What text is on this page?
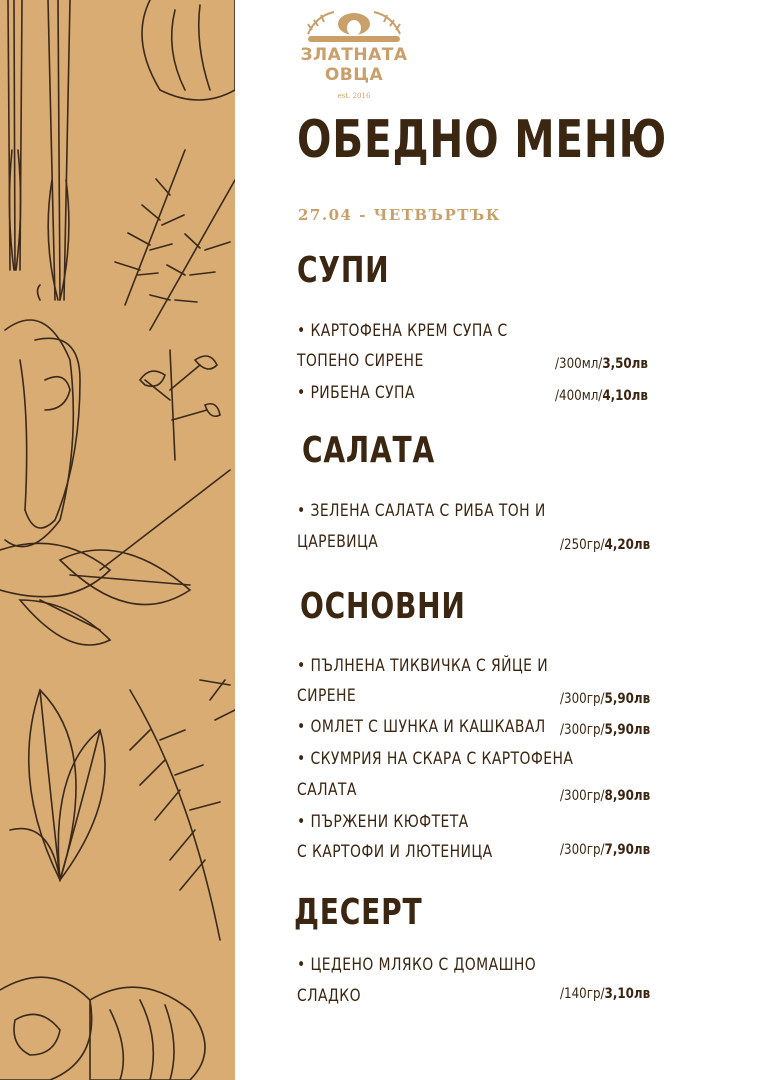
ЗЛАТНАТА
ОВЦА
est. 2016
ОБЕДНО МЕНЮ
27.04 - ЧЕТВЪРТЪК
СУПИ
• КАРТОФЕНА КРЕМ СУПА С
ТОПЕНО СИРЕНЕ	/300мл/3,50лв
• РИБЕНА СУПА	/400мл/4,10лв
САЛАТА
• ЗЕЛЕНА САЛАТА С РИБА ТОН И
ЦАРЕВИЦА	/250гр/4,20лв
ОСНОВНИ
• ПЪЛНЕНА ТИКВИЧКА С ЯЙЦЕ И
СИРЕНЕ	/300гр/5,90лв
• ОМЛЕТ С ШУНКА И КАШКАВАЛ /300гр/5,90лв
• СКУМРИЯ НА СКАРА С КАРТОФЕНА
САЛАТА	/300гр/8,90лв
• ПЪРЖЕНИ КЮФТЕТА
С КАРТОФИ И ЛЮТЕНИЦА	/300гр/7,90лв
ДЕСЕРТ
• ЦЕДЕНО МЛЯКО С ДОМАШНО
СЛАДКО	/140гр/3,10лв
